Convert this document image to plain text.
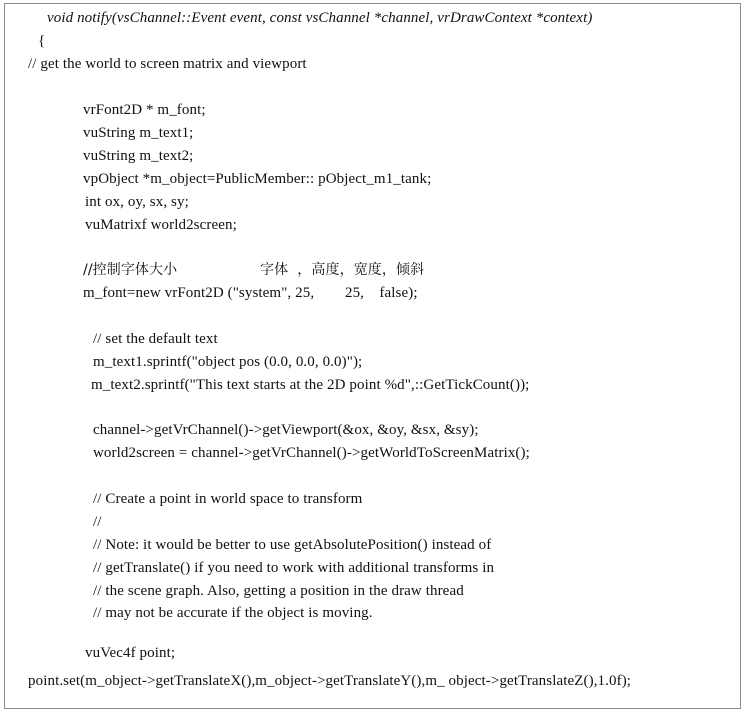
void notify(vsChannel::Event event, const vsChannel *channel, vrDrawContext *context)
{
// get the world to screen matrix and viewport
vrFont2D * m_font;
vuString m_text1;
vuString m_text2;
vpObject *m_object=PublicMember:: pObject_m1_tank;
int ox, oy, sx, sy;
vuMatrixf world2screen;
//控制字体大小	字体  ，高度，宽度，倾斜
m_font=new vrFont2D ("system", 25,        25,    false);
// set the default text
m_text1.sprintf("object pos (0.0, 0.0, 0.0)");
m_text2.sprintf("This text starts at the 2D point %d",::GetTickCount());
channel->getVrChannel()->getViewport(&ox, &oy, &sx, &sy);
world2screen = channel->getVrChannel()->getWorldToScreenMatrix();
// Create a point in world space to transform
//
// Note: it would be better to use getAbsolutePosition() instead of
// getTranslate() if you need to work with additional transforms in
// the scene graph. Also, getting a position in the draw thread
// may not be accurate if the object is moving.
vuVec4f point;
point.set(m_object->getTranslateX(),m_object->getTranslateY(),m_ object->getTranslateZ(),1.0f);
